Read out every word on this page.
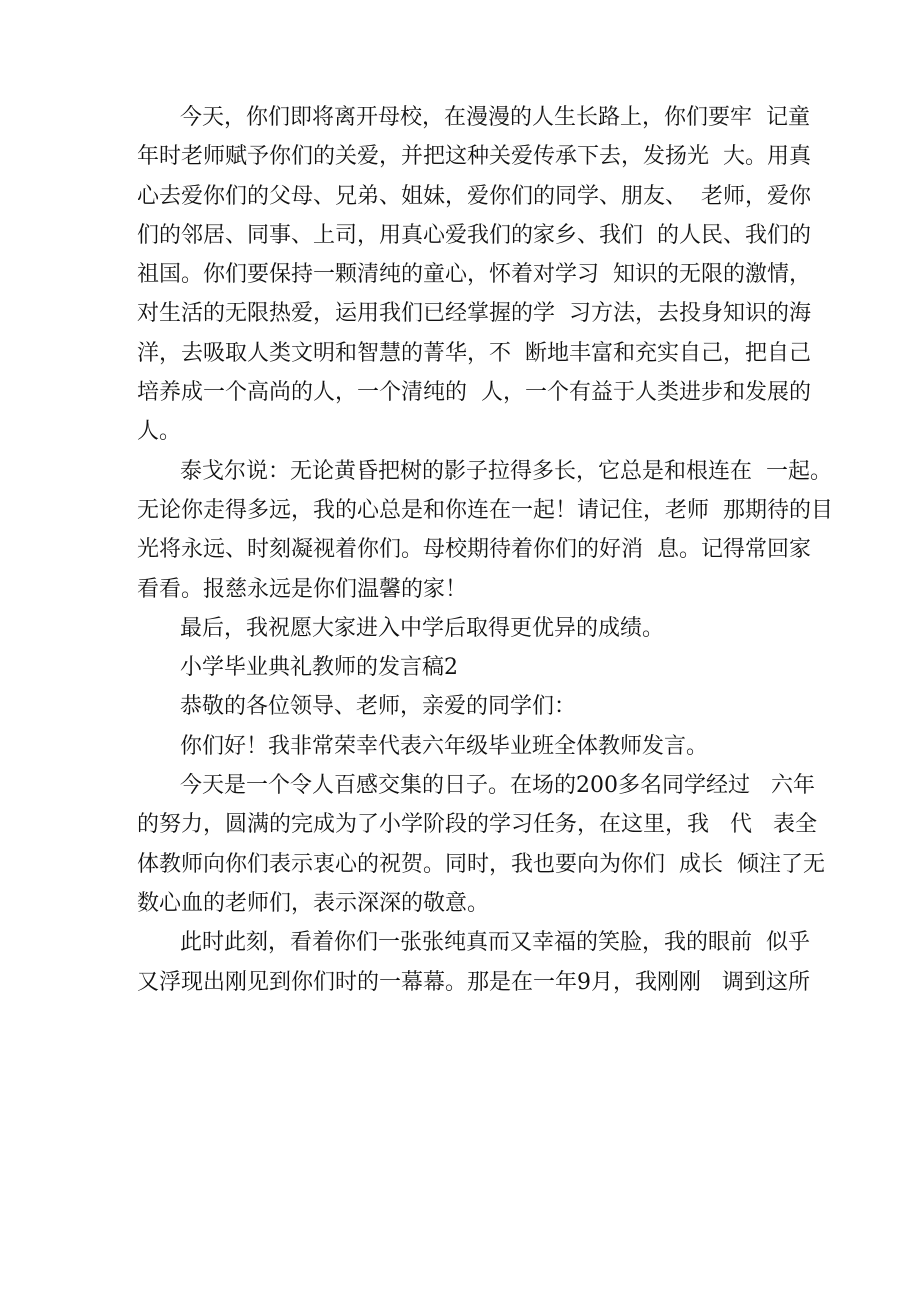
今天，你们即将离开母校，在漫漫的人生长路上，你们要牢  记童
年时老师赋予你们的关爱，并把这种关爱传承下去，发扬光  大。用真
心去爱你们的父母、兄弟、姐妹，爱你们的同学、朋友、  老师，爱你
们的邻居、同事、上司，用真心爱我们的家乡、我们  的人民、我们的
祖国。你们要保持一颗清纯的童心，怀着对学习  知识的无限的激情，
对生活的无限热爱，运用我们已经掌握的学  习方法，去投身知识的海
洋，去吸取人类文明和智慧的菁华，不  断地丰富和充实自己，把自己
培养成一个高尚的人，一个清纯的  人，一个有益于人类进步和发展的
人。
泰戈尔说：无论黄昏把树的影子拉得多长，它总是和根连在  一起。
无论你走得多远，我的心总是和你连在一起！请记住，老师  那期待的目
光将永远、时刻凝视着你们。母校期待着你们的好消  息。记得常回家
看看。报慈永远是你们温馨的家！
最后，我祝愿大家进入中学后取得更优异的成绩。
小学毕业典礼教师的发言稿2
恭敬的各位领导、老师，亲爱的同学们：
你们好！我非常荣幸代表六年级毕业班全体教师发言。
今天是一个令人百感交集的日子。在场的200多名同学经过   六年
的努力，圆满的完成为了小学阶段的学习任务，在这里，我   代   表全
体教师向你们表示衷心的祝贺。同时，我也要向为你们  成长  倾注了无
数心血的老师们，表示深深的敬意。
此时此刻，看着你们一张张纯真而又幸福的笑脸，我的眼前  似乎
又浮现出刚见到你们时的一幕幕。那是在一年9月，我刚刚   调到这所
